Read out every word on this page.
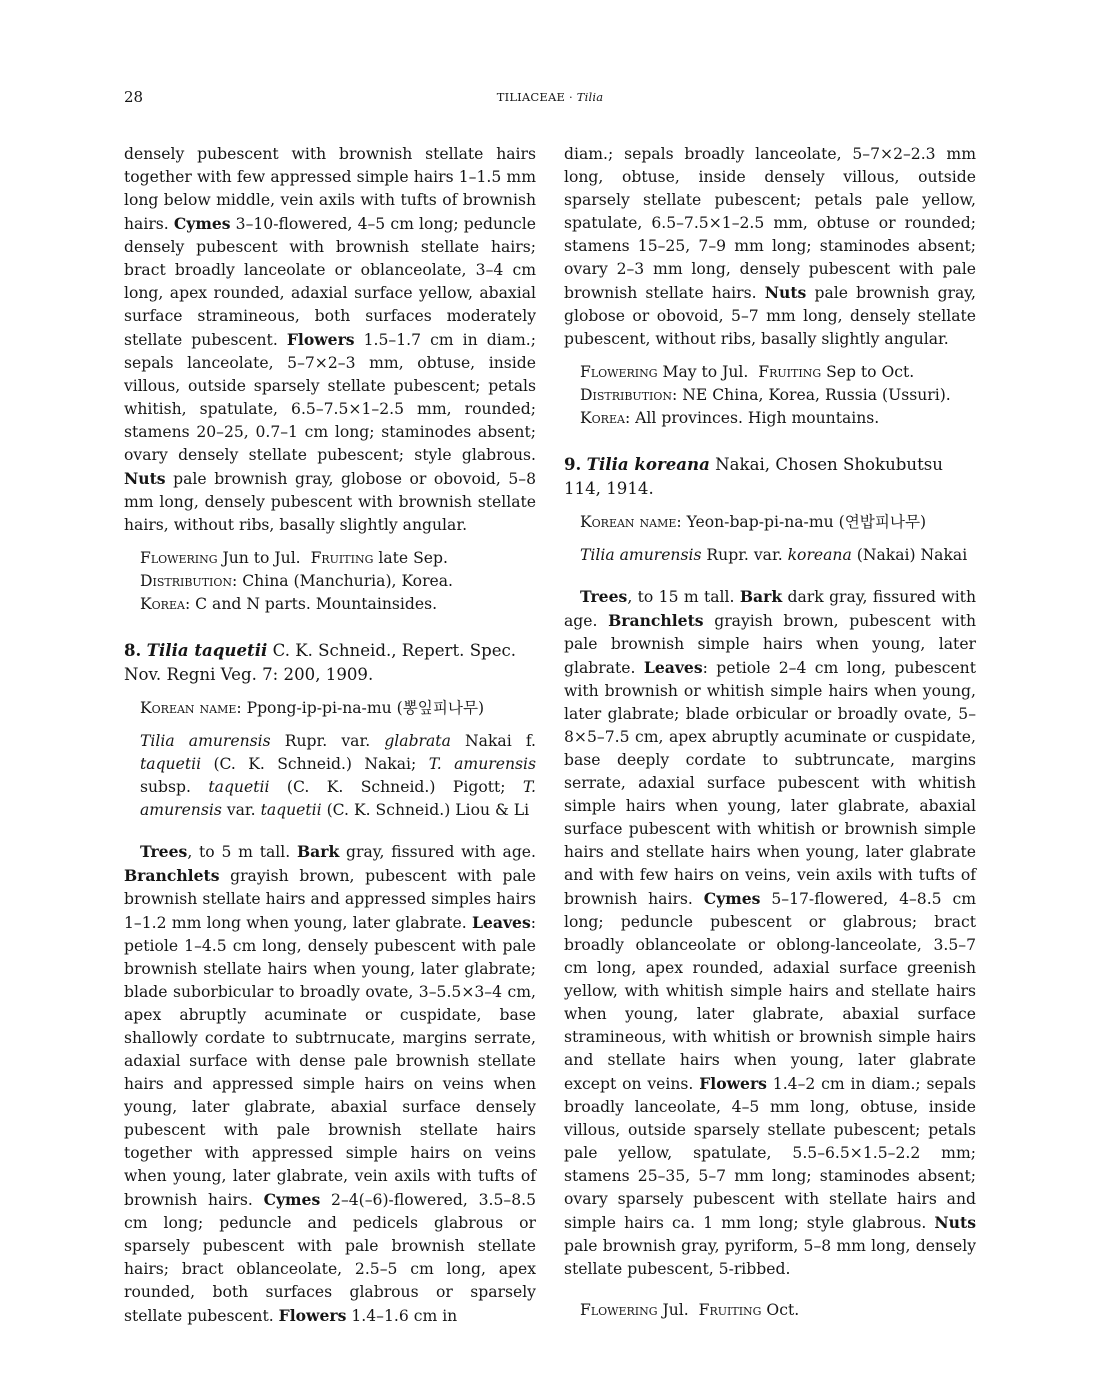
28	TILIACEAE · Tilia

densely pubescent with brownish stellate hairs together with few appressed simple hairs 1–1.5 mm long below middle, vein axils with tufts of brownish hairs. Cymes 3–10-flowered, 4–5 cm long; peduncle densely pubescent with brownish stellate hairs; bract broadly lanceolate or oblanceolate, 3–4 cm long, apex rounded, adaxial surface yellow, abaxial surface stramineous, both surfaces moderately stellate pubescent. Flowers 1.5–1.7 cm in diam.; sepals lanceolate, 5–7×2–3 mm, obtuse, inside villous, outside sparsely stellate pubescent; petals whitish, spatulate, 6.5–7.5×1–2.5 mm, rounded; stamens 20–25, 0.7–1 cm long; staminodes absent; ovary densely stellate pubescent; style glabrous. Nuts pale brownish gray, globose or obovoid, 5–8 mm long, densely pubescent with brownish stellate hairs, without ribs, basally slightly angular.

Flowering Jun to Jul. Fruiting late Sep.
Distribution: China (Manchuria), Korea.
Korea: C and N parts. Mountainsides.

8. Tilia taquetii C. K. Schneid., Repert. Spec. Nov. Regni Veg. 7: 200, 1909.

Korean name: Ppong-ip-pi-na-mu (뽕잎피나무)

Tilia amurensis Rupr. var. glabrata Nakai f. taquetii (C. K. Schneid.) Nakai; T. amurensis subsp. taquetii (C. K. Schneid.) Pigott; T. amurensis var. taquetii (C. K. Schneid.) Liou & Li

Trees, to 5 m tall. Bark gray, fissured with age. Branchlets grayish brown, pubescent with pale brownish stellate hairs and appressed simples hairs 1–1.2 mm long when young, later glabrate. Leaves: petiole 1–4.5 cm long, densely pubescent with pale brownish stellate hairs when young, later glabrate; blade suborbicular to broadly ovate, 3–5.5×3–4 cm, apex abruptly acuminate or cuspidate, base shallowly cordate to subtrnucate, margins serrate, adaxial surface with dense pale brownish stellate hairs and appressed simple hairs on veins when young, later glabrate, abaxial surface densely pubescent with pale brownish stellate hairs together with appressed simple hairs on veins when young, later glabrate, vein axils with tufts of brownish hairs. Cymes 2–4(–6)-flowered, 3.5–8.5 cm long; peduncle and pedicels glabrous or sparsely pubescent with pale brownish stellate hairs; bract oblanceolate, 2.5–5 cm long, apex rounded, both surfaces glabrous or sparsely stellate pubescent. Flowers 1.4–1.6 cm in

diam.; sepals broadly lanceolate, 5–7×2–2.3 mm long, obtuse, inside densely villous, outside sparsely stellate pubescent; petals pale yellow, spatulate, 6.5–7.5×1–2.5 mm, obtuse or rounded; stamens 15–25, 7–9 mm long; staminodes absent; ovary 2–3 mm long, densely pubescent with pale brownish stellate hairs. Nuts pale brownish gray, globose or obovoid, 5–7 mm long, densely stellate pubescent, without ribs, basally slightly angular.

Flowering May to Jul. Fruiting Sep to Oct.
Distribution: NE China, Korea, Russia (Ussuri).
Korea: All provinces. High mountains.

9. Tilia koreana Nakai, Chosen Shokubutsu 114, 1914.

Korean name: Yeon-bap-pi-na-mu (연밥피나무)

Tilia amurensis Rupr. var. koreana (Nakai) Nakai

Trees, to 15 m tall. Bark dark gray, fissured with age. Branchlets grayish brown, pubescent with pale brownish simple hairs when young, later glabrate. Leaves: petiole 2–4 cm long, pubescent with brownish or whitish simple hairs when young, later glabrate; blade orbicular or broadly ovate, 5–8×5–7.5 cm, apex abruptly acuminate or cuspidate, base deeply cordate to subtruncate, margins serrate, adaxial surface pubescent with whitish simple hairs when young, later glabrate, abaxial surface pubescent with whitish or brownish simple hairs and stellate hairs when young, later glabrate and with few hairs on veins, vein axils with tufts of brownish hairs. Cymes 5–17-flowered, 4–8.5 cm long; peduncle pubescent or glabrous; bract broadly oblanceolate or oblong-lanceolate, 3.5–7 cm long, apex rounded, adaxial surface greenish yellow, with whitish simple hairs and stellate hairs when young, later glabrate, abaxial surface stramineous, with whitish or brownish simple hairs and stellate hairs when young, later glabrate except on veins. Flowers 1.4–2 cm in diam.; sepals broadly lanceolate, 4–5 mm long, obtuse, inside villous, outside sparsely stellate pubescent; petals pale yellow, spatulate, 5.5–6.5×1.5–2.2 mm; stamens 25–35, 5–7 mm long; staminodes absent; ovary sparsely pubescent with stellate hairs and simple hairs ca. 1 mm long; style glabrous. Nuts pale brownish gray, pyriform, 5–8 mm long, densely stellate pubescent, 5-ribbed.

Flowering Jul. Fruiting Oct.
